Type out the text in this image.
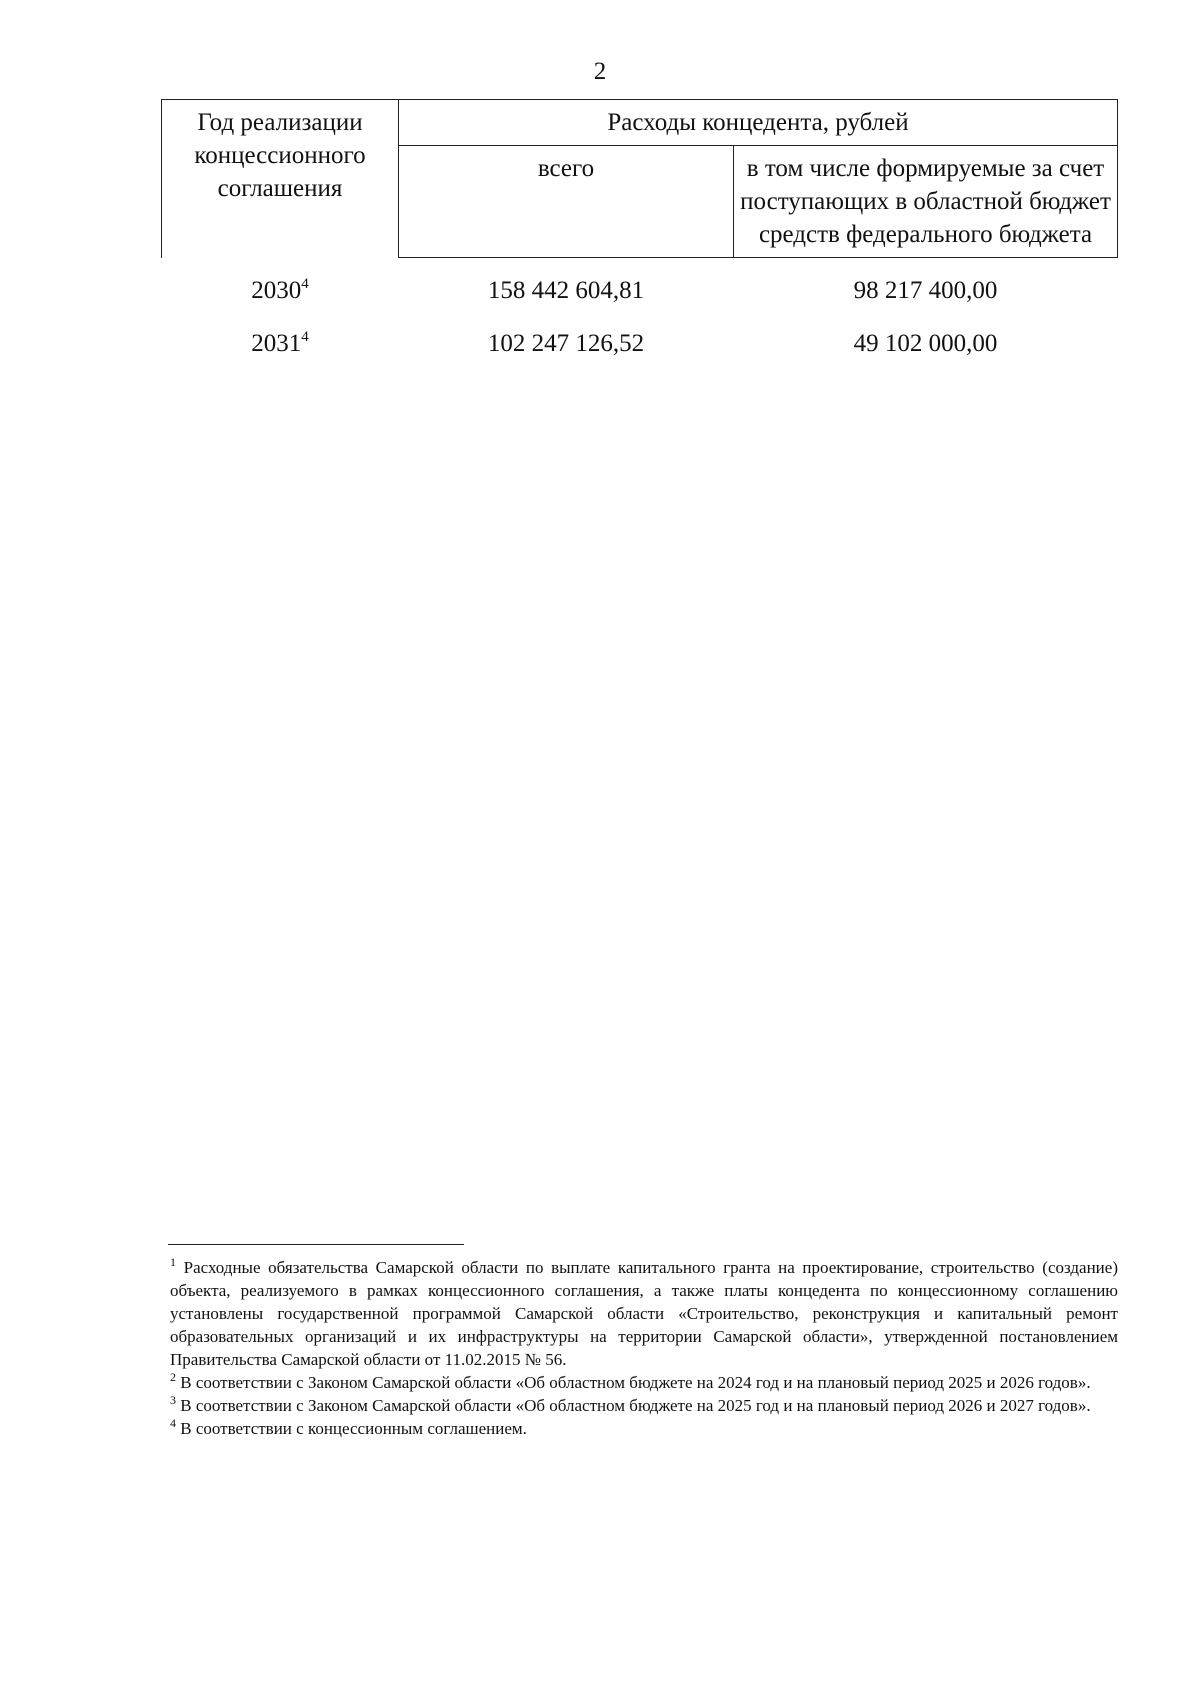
2
Год реализации концессионного соглашения	Расходы концедента, рублей	
	всего	в том числе формируемые за счет поступающих в областной бюджет средств федерального бюджета
2030$^4$	158 442 604,81	98 217 400,00
2031$^4$	102 247 126,52	49 102 000,00

$^1$ Расходные обязательства Самарской области по выплате капитального гранта на проектирование, строительство (создание) объекта, реализуемого в рамках концессионного соглашения, а также платы концедента по концессионному соглашению установлены государственной программой Самарской области «Строительство, реконструкция и капитальный ремонт образовательных организаций и их инфраструктуры на территории Самарской области», утвержденной постановлением Правительства Самарской области от 11.02.2015 № 56.

$^2$ В соответствии с Законом Самарской области «Об областном бюджете на 2024 год и на плановый период 2025 и 2026 годов».

$^3$ В соответствии с Законом Самарской области «Об областном бюджете на 2025 год и на плановый период 2026 и 2027 годов».

$^4$ В соответствии с концессионным соглашением.
